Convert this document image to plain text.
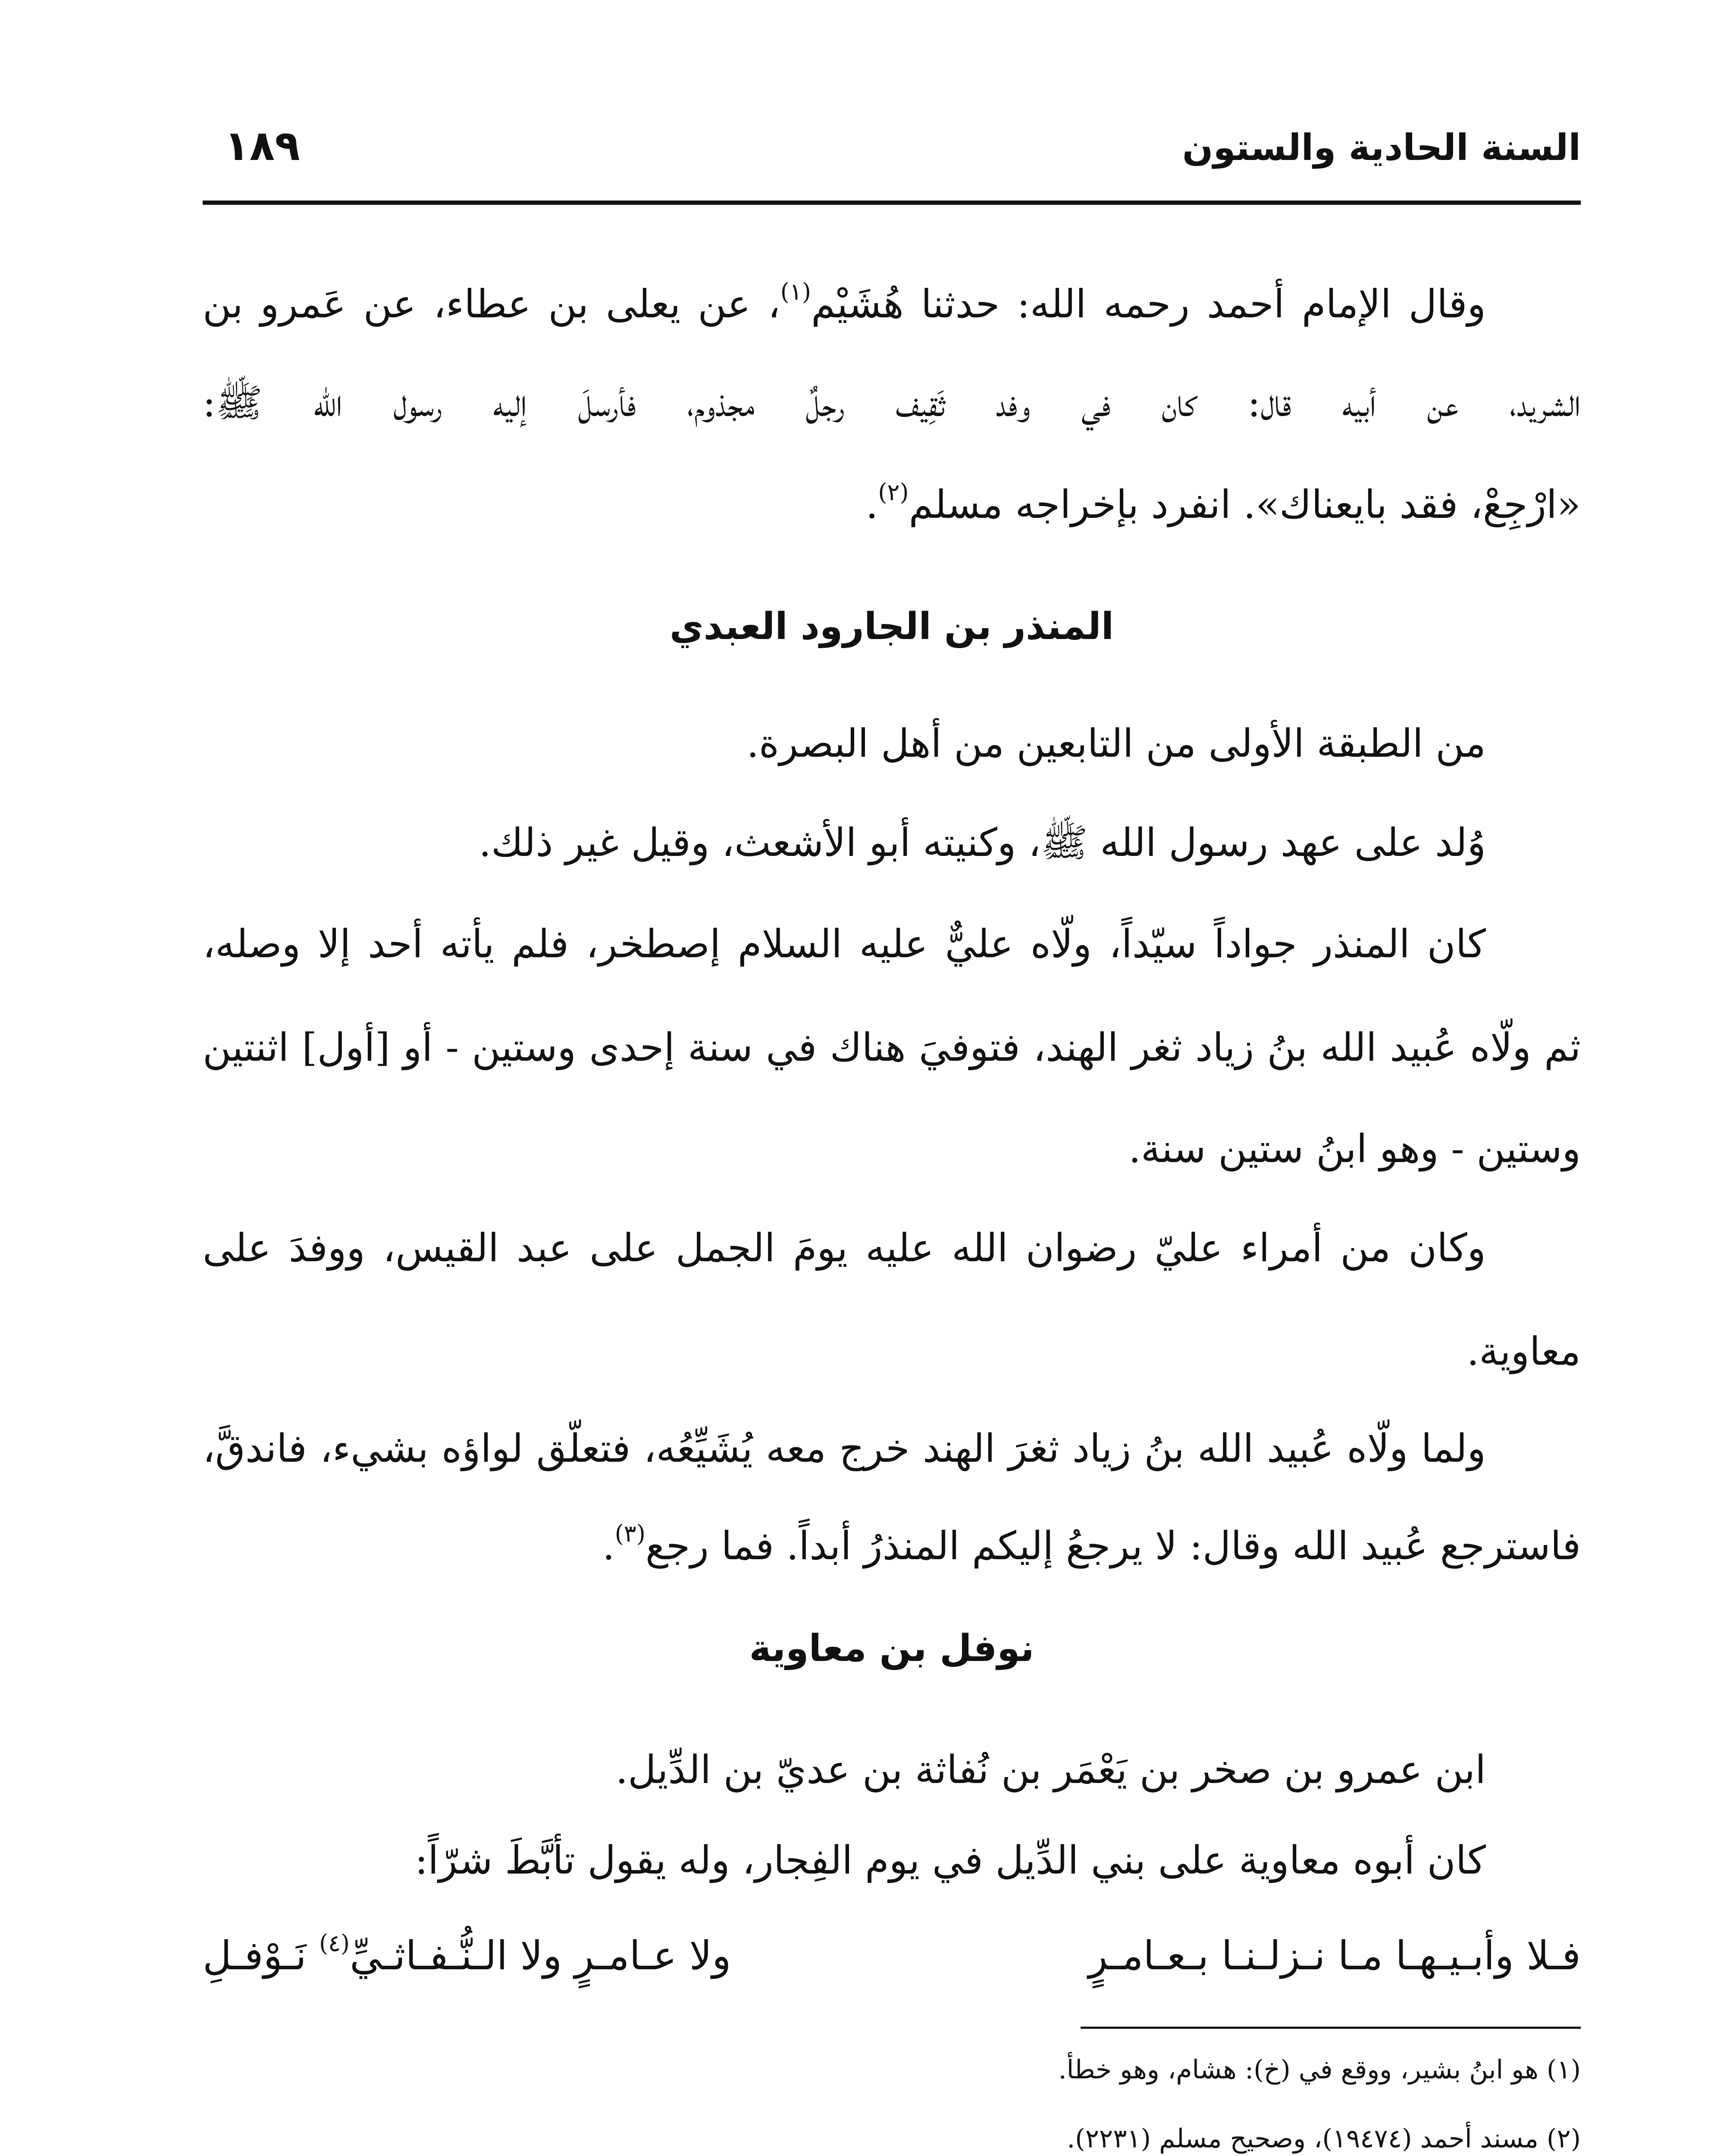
السنة الحادية والستون
١٨٩
وقال الإمام أحمد رحمه الله: حدثنا هُشَيْم$^{(١)}$، عن يعلى بن عطاء، عن عَمرو بن
الشريد، عن أبيه قال: كان في وفد ثَقِيف رجلٌ مجذوم، فأرسلَ إليه رسول الله ﷺ:
«ارْجِعْ، فقد بايعناك». انفرد بإخراجه مسلم$^{(٢)}$.
من الطبقة الأولى من التابعين من أهل البصرة.
وُلد على عهد رسول الله ﷺ، وكنيته أبو الأشعث، وقيل غير ذلك.
كان المنذر جواداً سيّداً، ولّاه عليٌّ عليه السلام إصطخر، فلم يأته أحد إلا وصله،
ثم ولّاه عُبيد الله بنُ زياد ثغر الهند، فتوفيَ هناك في سنة إحدى وستين - أو [أول] اثنتين
وستين - وهو ابنُ ستين سنة.
وكان من أمراء عليّ رضوان الله عليه يومَ الجمل على عبد القيس، ووفدَ على
معاوية.
ولما ولّاه عُبيد الله بنُ زياد ثغرَ الهند خرج معه يُشَيِّعُه، فتعلّق لواؤه بشيء، فاندقَّ،
فاسترجع عُبيد الله وقال: لا يرجعُ إليكم المنذرُ أبداً. فما رجع$^{(٣)}$.
ابن عمرو بن صخر بن يَعْمَر بن نُفاثة بن عديّ بن الدِّيل.
كان أبوه معاوية على بني الدِّيل في يوم الفِجار، وله يقول تأبَّطَ شرّاً:
المنذر بن الجارود العبدي
نوفل بن معاوية
فـلا وأبـيـهـا مـا نـزلـنـا بـعـامـرٍ
ولا عـامـرٍ ولا الـنُّـفـاثـيِّ$^{(٤)}$ نَـوْفـلِ
(١) هو ابنُ بشير، ووقع في (خ): هشام، وهو خطأ.
(٢) مسند أحمد (١٩٤٧٤)، وصحيح مسلم (٢٢٣١).
